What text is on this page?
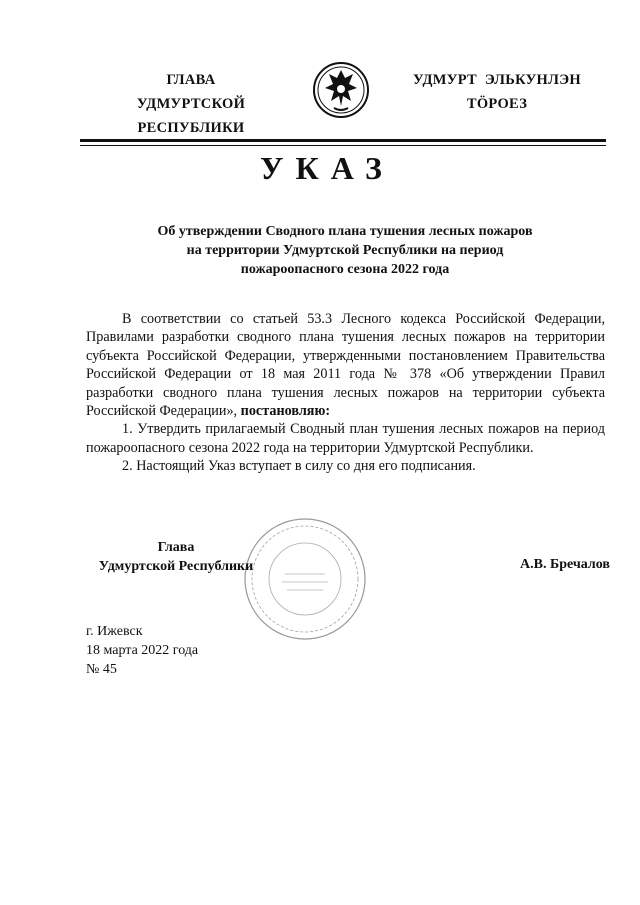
ГЛАВА
УДМУРТСКОЙ РЕСПУБЛИКИ
УДМУРТ  ЭЛЬКУНЛЭН
ТӦРОЕЗ
УКАЗ
Об утверждении Сводного плана тушения лесных пожаров
на территории Удмуртской Республики на период
пожароопасного сезона 2022 года

В соответствии со статьей 53.3 Лесного кодекса Российской Федерации, Правилами разработки сводного плана тушения лесных пожаров на территории субъекта Российской Федерации, утвержденными постановлением Правительства Российской Федерации от 18 мая 2011 года № 378 «Об утверждении Правил разработки сводного плана тушения лесных пожаров на территории субъекта Российской Федерации», постановляю:

1. Утвердить прилагаемый Сводный план тушения лесных пожаров на период пожароопасного сезона 2022 года на территории Удмуртской Республики.

2. Настоящий Указ вступает в силу со дня его подписания.

Глава
Удмуртской Республики	А.В. Бречалов
г. Ижевск
18 марта 2022 года
№ 45
